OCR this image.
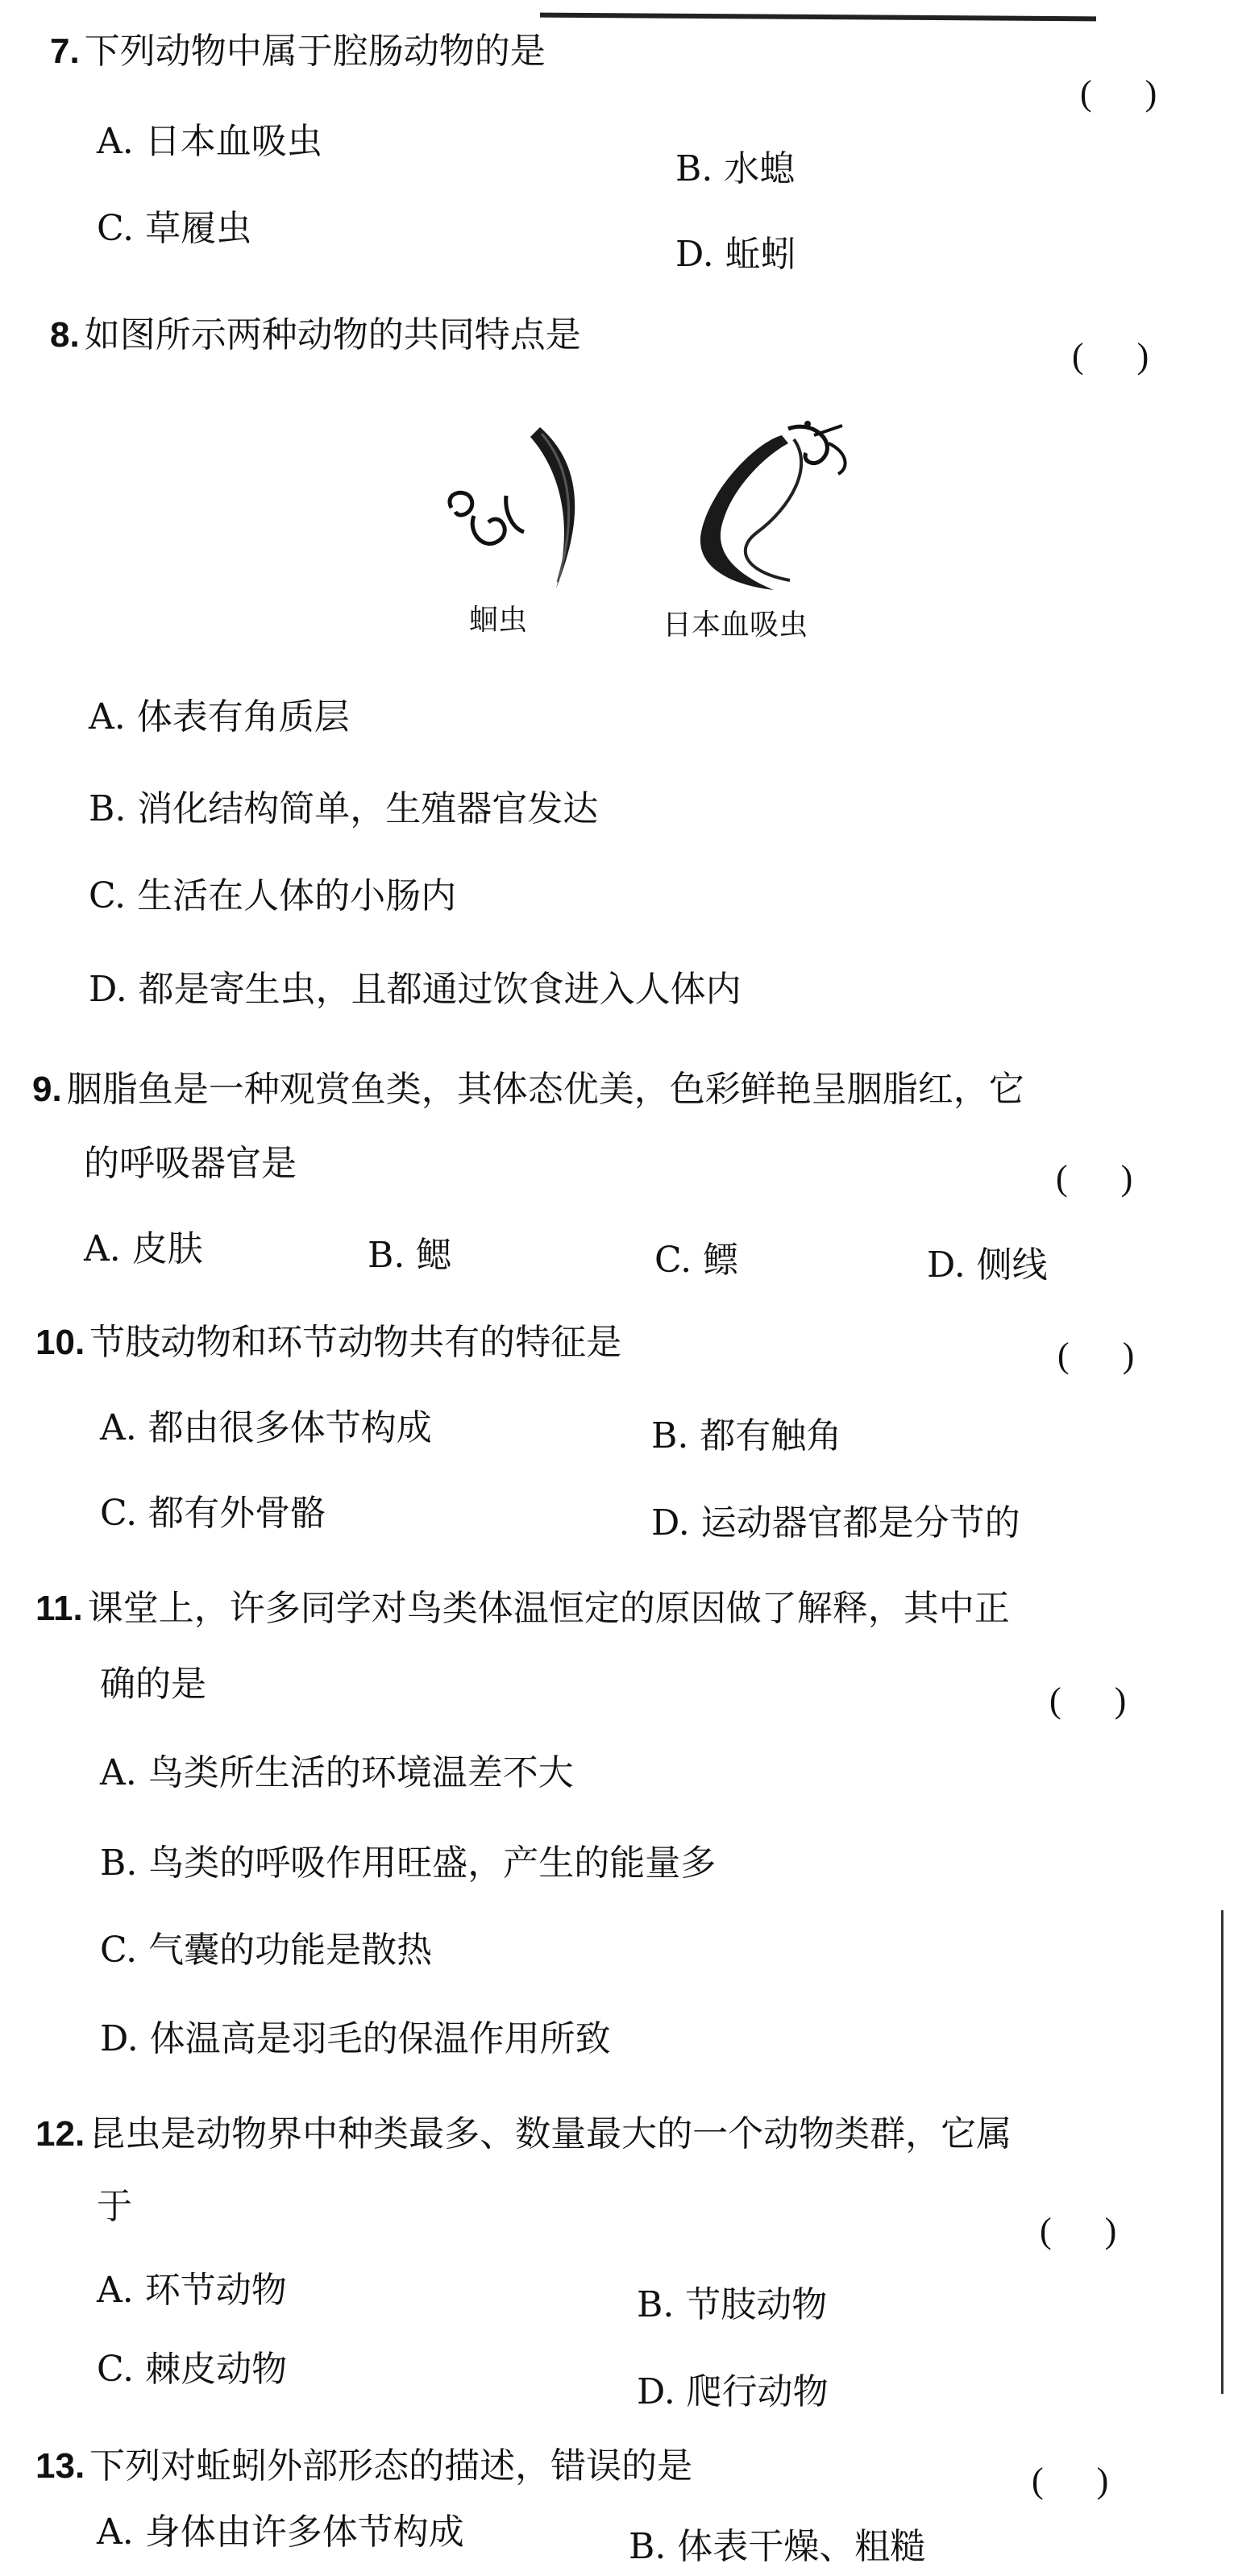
7. 下列动物中属于腔肠动物的是
(      )
A. 日本血吸虫
B. 水螅
C. 草履虫
D. 蚯蚓
8. 如图所示两种动物的共同特点是
(      )
蛔虫	日本血吸虫
A. 体表有角质层
B. 消化结构简单，生殖器官发达
C. 生活在人体的小肠内
D. 都是寄生虫，且都通过饮食进入人体内
9. 胭脂鱼是一种观赏鱼类，其体态优美，色彩鲜艳呈胭脂红，它
的呼吸器官是	(      )
A. 皮肤	B. 鳃	C. 鳔	D. 侧线
10. 节肢动物和环节动物共有的特征是	(      )
A. 都由很多体节构成	B. 都有触角
C. 都有外骨骼	D. 运动器官都是分节的
11. 课堂上，许多同学对鸟类体温恒定的原因做了解释，其中正
确的是	(      )
A. 鸟类所生活的环境温差不大
B. 鸟类的呼吸作用旺盛，产生的能量多
C. 气囊的功能是散热
D. 体温高是羽毛的保温作用所致
12. 昆虫是动物界中种类最多、数量最大的一个动物类群，它属
于
(      )
A. 环节动物	B. 节肢动物
C. 棘皮动物
D. 爬行动物
13. 下列对蚯蚓外部形态的描述，错误的是	(      )
A. 身体由许多体节构成	B. 体表干燥、粗糙
